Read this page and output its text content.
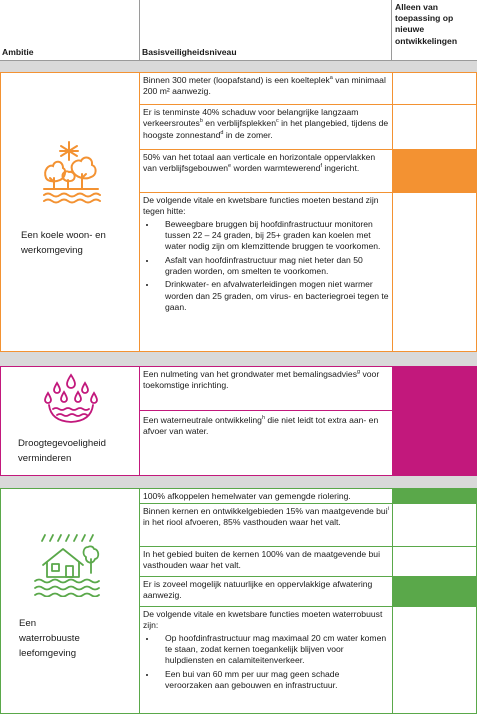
Ambitie	Basisveiligheidsniveau
Alleen van toepassing op nieuwe ontwikkelingen
Een koele woon- en werkomgeving
Binnen 300 meter (loopafstand) is een koelteplek$^a$ van minimaal 200 m² aanwezig.
Er is tenminste 40% schaduw voor belangrijke langzaam verkeersroutes$^b$ en verblijfsplekken$^c$ in het plangebied, tijdens de hoogste zonnestand$^d$ in de zomer.
50% van het totaal aan verticale en horizontale oppervlakken van verblijfsgebouwen$^e$ worden warmtewerend$^f$ ingericht.
De volgende vitale en kwetsbare functies moeten bestand zijn tegen hitte:
• Beweegbare bruggen bij hoofdinfrastructuur monitoren tussen 22 – 24 graden, bij 25+ graden kan koelen met water nodig zijn om klemzittende bruggen te voorkomen.
• Asfalt van hoofdinfrastructuur mag niet heter dan 50 graden worden, om smelten te voorkomen.
• Drinkwater- en afvalwaterleidingen mogen niet warmer worden dan 25 graden, om virus- en bacteriegroei tegen te gaan.
Droogtegevoeligheid verminderen
Een nulmeting van het grondwater met bemalingsadvies$^g$ voor toekomstige inrichting.
Een waterneutrale ontwikkeling$^h$ die niet leidt tot extra aan- en afvoer van water.
Een waterrobuuste leefomgeving
100% afkoppelen hemelwater van gemengde riolering.
Binnen kernen en ontwikkelgebieden 15% van maatgevende bui$^i$ in het riool afvoeren, 85% vasthouden waar het valt.
In het gebied buiten de kernen 100% van de maatgevende bui vasthouden waar het valt.
Er is zoveel mogelijk natuurlijke en oppervlakkige afwatering aanwezig.
De volgende vitale en kwetsbare functies moeten waterrobuust zijn:
• Op hoofdinfrastructuur mag maximaal 20 cm water komen te staan, zodat kernen toegankelijk blijven voor hulpdiensten en calamiteitenverkeer.
• Een bui van 60 mm per uur mag geen schade veroorzaken aan gebouwen en infrastructuur.
